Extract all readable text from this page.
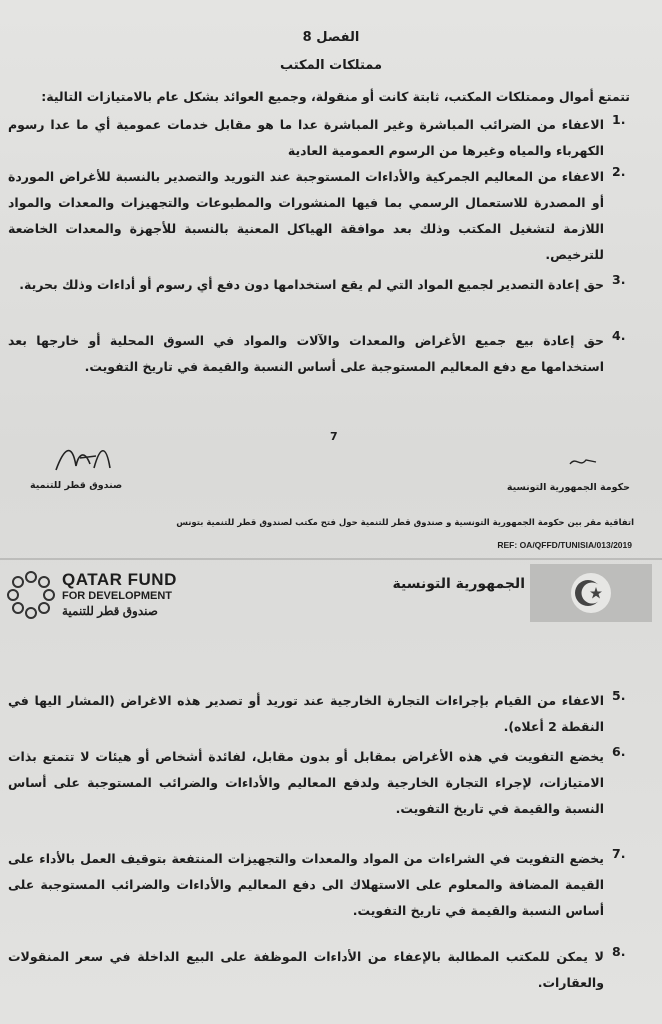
الفصل 8
ممتلكات المكتب
تتمتع أموال وممتلكات المكتب، ثابتة كانت أو منقولة، وجميع العوائد بشكل عام بالامتيازات التالية:
1.
الاعفاء من الضرائب المباشرة وغير المباشرة عدا ما هو مقابل خدمات عمومية أي ما عدا رسوم الكهرباء والمياه وغيرها من الرسوم العمومية العادية
2.
الاعفاء من المعاليم الجمركية والأداءات المستوجبة عند التوريد والتصدير بالنسبة للأغراض الموردة أو المصدرة للاستعمال الرسمي بما فيها المنشورات والمطبوعات والتجهيزات والمعدات والمواد اللازمة لتشغيل المكتب وذلك بعد موافقة الهياكل المعنية بالنسبة للأجهزة والمعدات الخاضعة للترخيص.
3.
حق إعادة التصدير لجميع المواد التي لم يقع استخدامها دون دفع أي رسوم أو أداءات وذلك بحرية.
4.
حق إعادة بيع جميع الأغراض والمعدات والآلات والمواد في السوق المحلية أو خارجها بعد استخدامها مع دفع المعاليم المستوجبة على أساس النسبة والقيمة في تاريخ التفويت.
7
صندوق قطر للتنمية	حكومة الجمهورية التونسية
اتفاقية مقر بين حكومة الجمهورية التونسية و صندوق قطر للتنمية حول فتح مكتب لصندوق قطر للتنمية بتونس
REF: OA/QFFD/TUNISIA/013/2019
QATAR FUND
FOR DEVELOPMENT
صندوق قطر للتنمية
الجمهورية التونسية
5.
الاعفاء من القيام بإجراءات التجارة الخارجية عند توريد أو تصدير هذه الاغراض (المشار اليها في النقطة 2 أعلاه).
6.
يخضع التفويت في هذه الأغراض بمقابل أو بدون مقابل، لفائدة أشخاص أو هيئات لا تتمتع بذات الامتيازات، لإجراء التجارة الخارجية ولدفع المعاليم والأداءات والضرائب المستوجبة على أساس النسبة والقيمة في تاريخ التفويت.
7.
يخضع التفويت في الشراءات من المواد والمعدات والتجهيزات المنتفعة بتوقيف العمل بالأداء على القيمة المضافة والمعلوم على الاستهلاك الى دفع المعاليم والأداءات والضرائب المستوجبة على أساس النسبة والقيمة في تاريخ التفويت.
8.
لا يمكن للمكتب المطالبة بالإعفاء من الأداءات الموظفة على البيع الداخلة في سعر المنقولات والعقارات.
